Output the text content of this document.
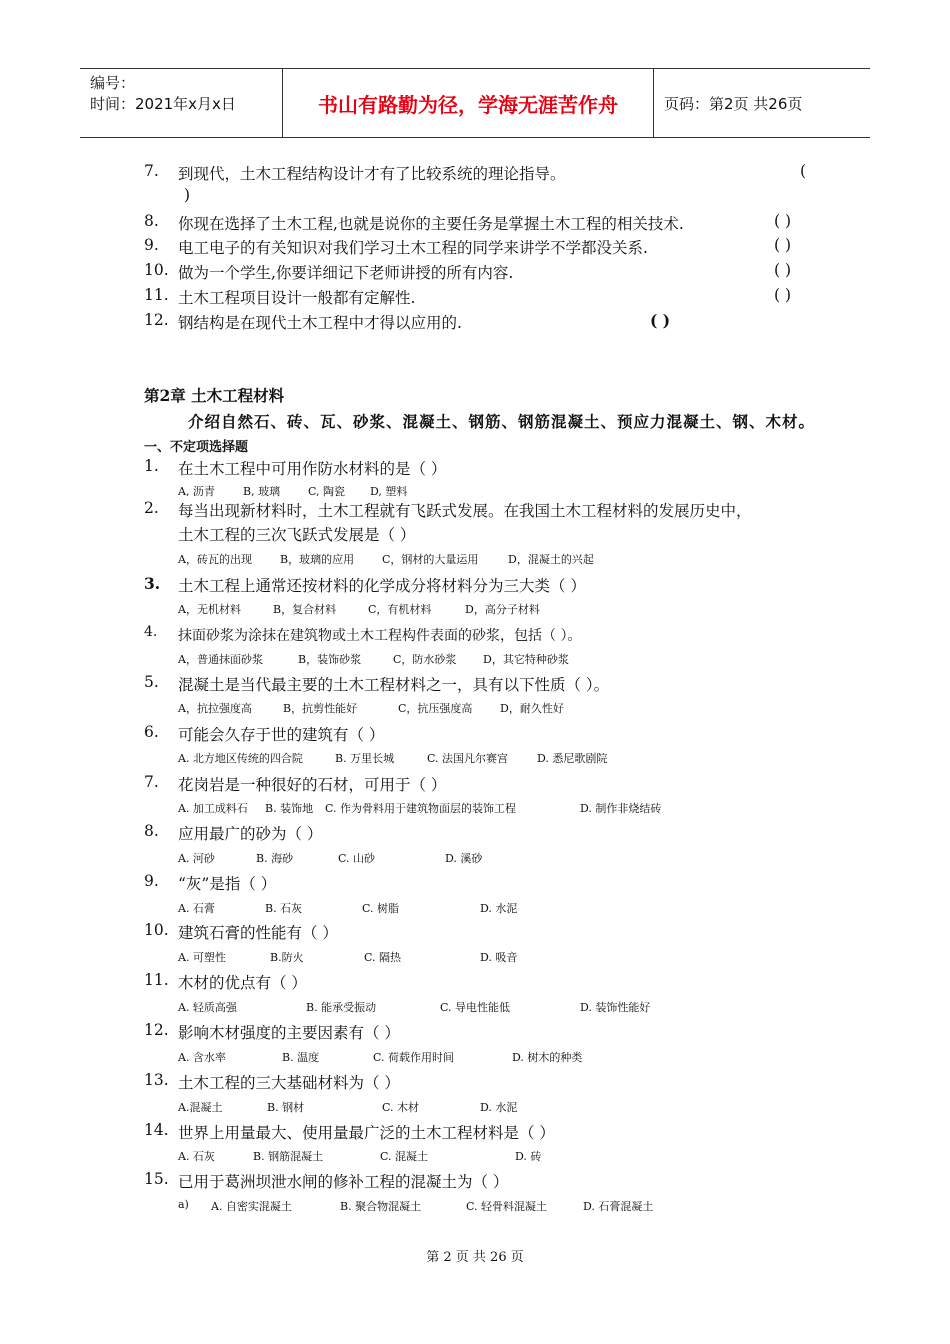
编号：
时间：2021年x月x日	书山有路勤为径，学海无涯苦作舟	页码：第2页 共26页
7. 到现代，土木工程结构设计才有了比较系统的理论指导。	(
)
8. 你现在选择了土木工程,也就是说你的主要任务是掌握土木工程的相关技术.	( )
9. 电工电子的有关知识对我们学习土木工程的同学来讲学不学都没关系.	( )
10. 做为一个学生,你要详细记下老师讲授的所有内容.	( )
11. 土木工程项目设计一般都有定解性.	( )
12. 钢结构是在现代土木工程中才得以应用的.	( )
第2章 土木工程材料
介绍自然石、砖、瓦、砂浆、混凝土、钢筋、钢筋混凝土、预应力混凝土、钢、木材。
一、不定项选择题
1. 在土木工程中可用作防水材料的是（ ）
A, 沥青	B, 玻璃	C, 陶瓷 D, 塑料
2. 每当出现新材料时，土木工程就有飞跃式发展。在我国土木工程材料的发展历史中，
土木工程的三次飞跃式发展是（ ）
A，砖瓦的出现	B，玻璃的应用	C，钢材的大量运用	D，混凝土的兴起
3. 土木工程上通常还按材料的化学成分将材料分为三大类（ ）
A，无机材料	B，复合材料	C，有机材料	D，高分子材料
4. 抹面砂浆为涂抹在建筑物或土木工程构件表面的砂浆，包括（ ）。
A，普通抹面砂浆	B，装饰砂浆	C，防水砂浆 D，其它特种砂浆
5. 混凝土是当代最主要的土木工程材料之一，具有以下性质（ ）。
A，抗拉强度高	B，抗剪性能好	C，抗压强度高	D，耐久性好
6. 可能会久存于世的建筑有（ ）
A. 北方地区传统的四合院	B. 万里长城	C. 法国凡尔赛宫	D. 悉尼歌剧院
7. 花岗岩是一种很好的石材，可用于（ ）
A. 加工成料石 B. 装饰地 C. 作为骨料用于建筑物面层的装饰工程	D. 制作非烧结砖
8. 应用最广的砂为（ ）
A. 河砂	B. 海砂	C. 山砂	D. 溪砂
9. “灰”是指（ ）
A. 石膏	B. 石灰	C. 树脂	D. 水泥
10. 建筑石膏的性能有（ ）
A. 可塑性	B.防火	C. 隔热	D. 吸音
11. 木材的优点有（ ）
A. 轻质高强	B. 能承受振动	C. 导电性能低	D. 装饰性能好
12. 影响木材强度的主要因素有（ ）
A. 含水率	B. 温度	C. 荷载作用时间	D. 树木的种类
13. 土木工程的三大基础材料为（ ）
A.混凝土	B. 钢材	C. 木材	D. 水泥
14. 世界上用量最大、使用量最广泛的土木工程材料是（ ）
A. 石灰	B. 钢筋混凝土	C. 混凝土	D. 砖
15. 已用于葛洲坝泄水闸的修补工程的混凝土为（ ）
a) A. 自密实混凝土	B. 聚合物混凝土	C. 轻骨料混凝土	D. 石膏混凝土
第 2 页 共 26 页
